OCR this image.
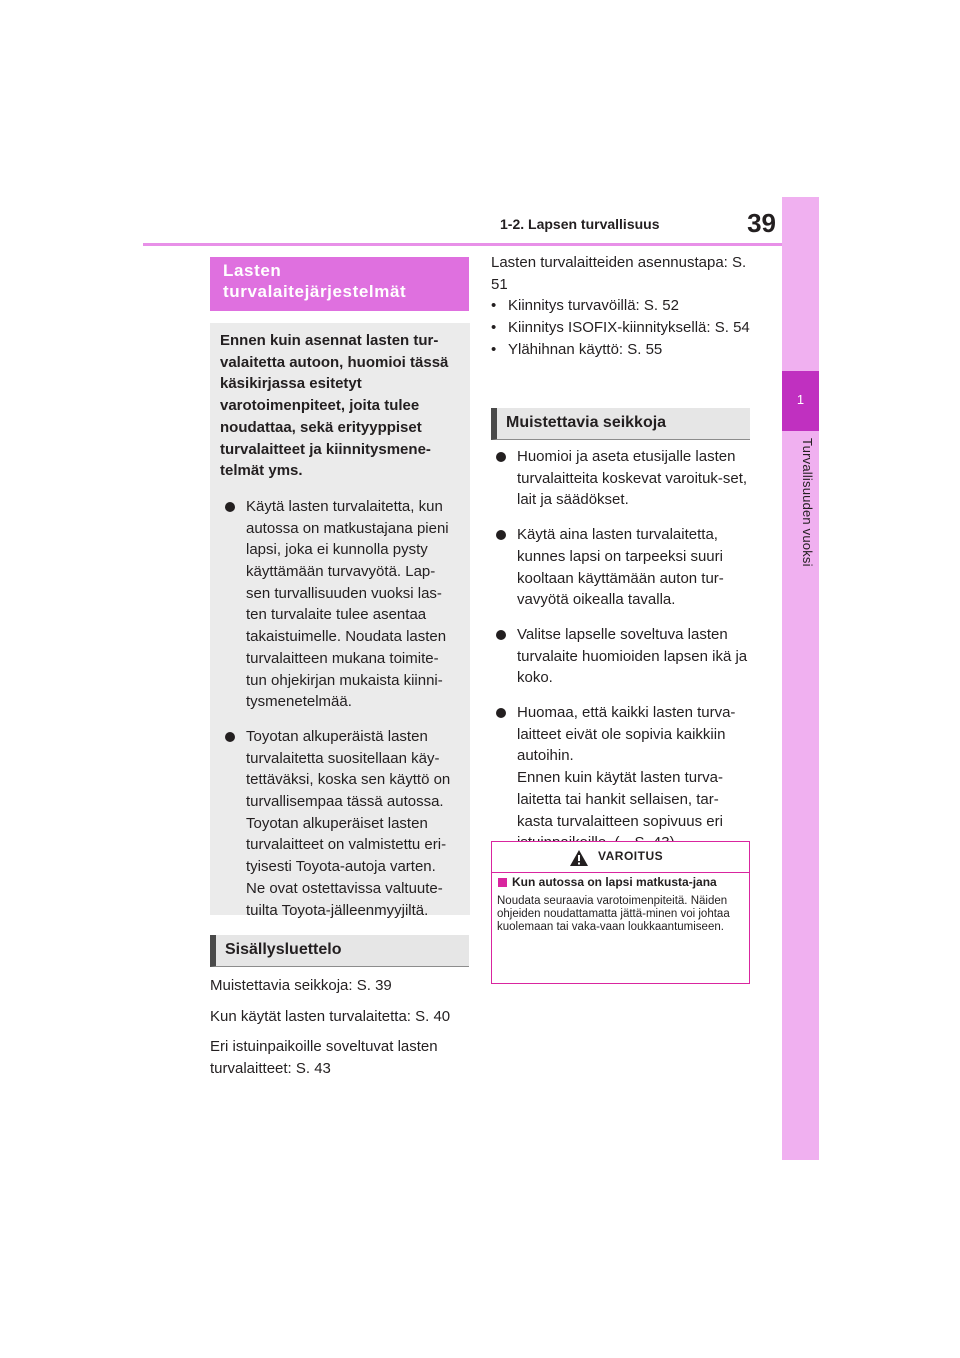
1-2. Lapsen turvallisuus	39
1
Turvallisuuden vuoksi
Lasten turvalaitejärjestelmät
Ennen kuin asennat lasten tur-valaitetta autoon, huomioi tässä käsikirjassa esitetyt varotoimenpiteet, joita tulee noudattaa, sekä erityyppiset turvalaitteet ja kiinnitysmene-telmät yms.
Käytä lasten turvalaitetta, kun autossa on matkustajana pieni lapsi, joka ei kunnolla pysty käyttämään turvavyötä. Lap-sen turvallisuuden vuoksi las-ten turvalaite tulee asentaa takaistuimelle. Noudata lasten turvalaitteen mukana toimite-tun ohjekirjan mukaista kiinni-tysmenetelmää.
Toyotan alkuperäistä lasten turvalaitetta suositellaan käy-tettäväksi, koska sen käyttö on turvallisempaa tässä autossa. Toyotan alkuperäiset lasten turvalaitteet on valmistettu eri-tyisesti Toyota-autoja varten. Ne ovat ostettavissa valtuute-tuilta Toyota-jälleenmyyjiltä.
Sisällysluettelo
Muistettavia seikkoja: S. 39
Kun käytät lasten turvalaitetta: S. 40
Eri istuinpaikoille soveltuvat lasten turvalaitteet: S. 43
Lasten turvalaitteiden asennustapa: S. 51
• Kiinnitys turvavöillä: S. 52
• Kiinnitys ISOFIX-kiinnityksellä: S. 54
• Ylähihnan käyttö: S. 55
Muistettavia seikkoja
Huomioi ja aseta etusijalle lasten turvalaitteita koskevat varoituk-set, lait ja säädökset.
Käytä aina lasten turvalaitetta, kunnes lapsi on tarpeeksi suuri kooltaan käyttämään auton tur-vavyötä oikealla tavalla.
Valitse lapselle soveltuva lasten turvalaite huomioiden lapsen ikä ja koko.
Huomaa, että kaikki lasten turva-laitteet eivät ole sopivia kaikkiin autoihin.
Ennen kuin käytät lasten turva-laitetta tai hankit sellaisen, tar-kasta turvalaitteen sopivuus eri
VAROITUS
Kun autossa on lapsi matkusta-jana
Noudata seuraavia varotoimenpiteitä. Näiden ohjeiden noudattamatta jättä-minen voi johtaa kuolemaan tai vaka-vaan loukkaantumiseen.
